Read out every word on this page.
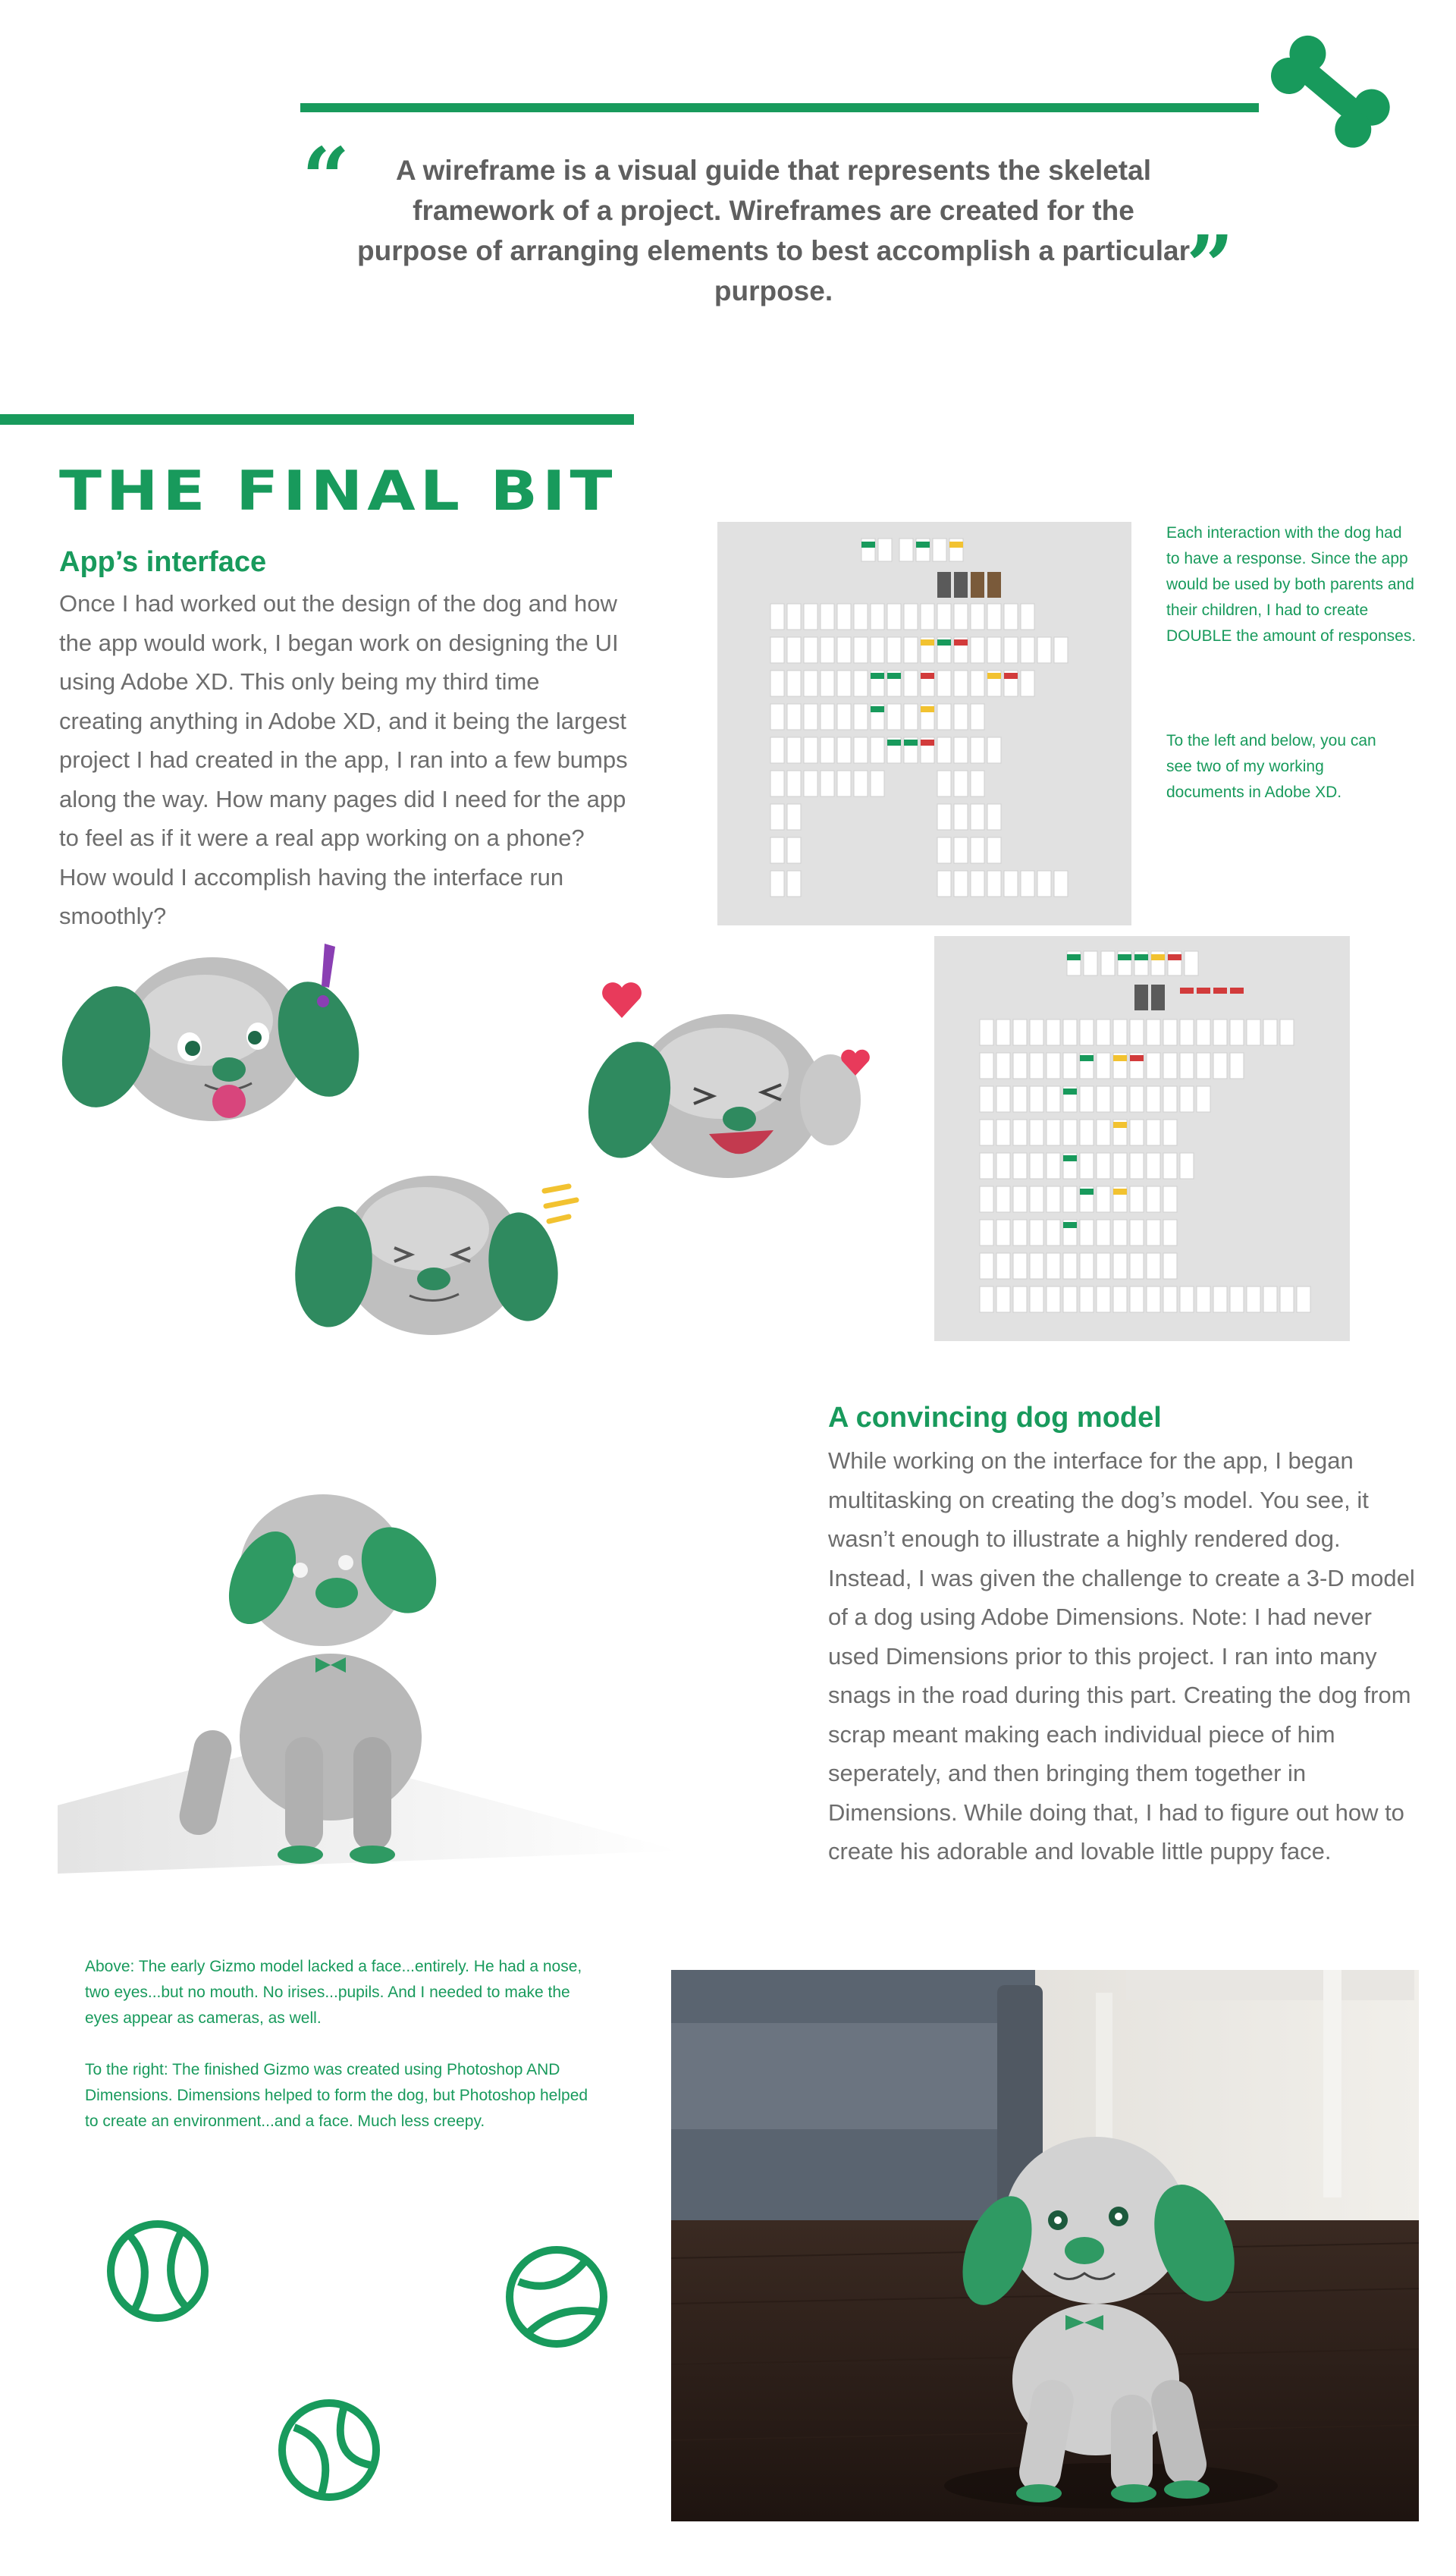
“	A wireframe is a visual guide that represents the skeletal framework of a project. Wireframes are created for the purpose of arranging elements to best accomplish a particular purpose.	”
THE FINAL BIT
App’s interface
Once I had worked out the design of the dog and how the app would work, I began work on designing the UI using Adobe XD. This only being my third time creating anything in Adobe XD, and it being the largest project I had created in the app, I ran into a few bumps along the way. How many pages did I need for the app to feel as if it were a real app working on a phone? How would I accomplish having the interface run smoothly?
Each interaction with the dog had to have a response. Since the app would be used by both parents and their children, I had to create DOUBLE the amount of responses.
To the left and below, you can see two of my working documents in Adobe XD.
A convincing dog model
While working on the interface for the app, I began multitasking on creating the dog’s model. You see, it wasn’t enough to illustrate a highly rendered dog. Instead, I was given the challenge to create a 3-D model of a dog using Adobe Dimensions. Note: I had never used Dimensions prior to this project. I ran into many snags in the road during this part. Creating the dog from scrap meant making each individual piece of him seperately, and then bringing them together in Dimensions. While doing that, I had to figure out how to create his adorable and lovable little puppy face.
Above: The early Gizmo model lacked a face...entirely. He had a nose, two eyes...but no mouth. No irises...pupils. And I needed to make the eyes appear as cameras, as well.
To the right: The finished Gizmo was created using Photoshop AND Dimensions. Dimensions helped to form the dog, but Photoshop helped to create an environment...and a face. Much less creepy.
